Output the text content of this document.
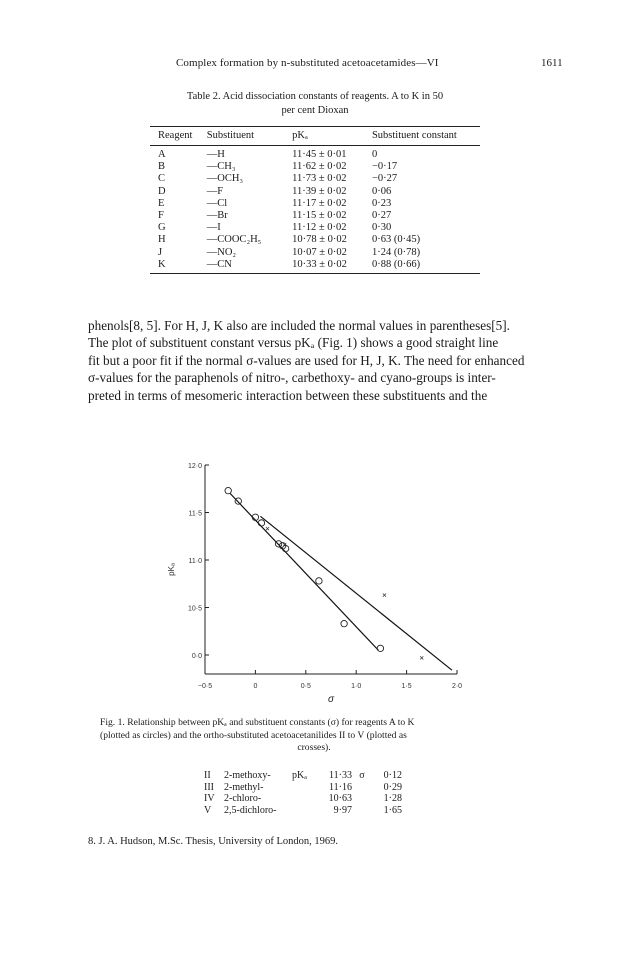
Complex formation by n-substituted acetoacetamides—VI	1611
Table 2. Acid dissociation constants of reagents. A to K in 50
per cent Dioxan
Reagent	Substituent	pKₐ	Substituent constant
A	—H	11·45 ± 0·01	0
B	—CH₃	11·62 ± 0·02	−0·17
C	—OCH₃	11·73 ± 0·02	−0·27
D	—F	11·39 ± 0·02	0·06
E	—Cl	11·17 ± 0·02	0·23
F	—Br	11·15 ± 0·02	0·27
G	—I	11·12 ± 0·02	0·30
H	—COOC₂H₅	10·78 ± 0·02	0·63 (0·45)
J	—NO₂	10·07 ± 0·02	1·24 (0·78)
K	—CN	10·33 ± 0·02	0·88 (0·66)
phenols[8, 5]. For H, J, K also are included the normal values in parentheses[5].
The plot of substituent constant versus pKₐ (Fig. 1) shows a good straight line
fit but a poor fit if the normal σ-values are used for H, J, K. The need for enhanced
σ-values for the paraphenols of nitro-, carbethoxy- and cyano-groups is inter-
preted in terms of mesomeric interaction between these substituents and the
0·0
10·5
11·0
11·5
12·0
−0·5	0	0·5	1·0	1·5	2·0
pKₐ
σ
Fig. 1. Relationship between pKₐ and substituent constants (σ) for reagents A to K
(plotted as circles) and the ortho-substituted acetoacetanilides II to V (plotted as
crosses).
II	2-methoxy-	pKₐ	11·33	σ	0·12
III	2-methyl-		11·16		0·29
IV	2-chloro-		10·63		1·28
V	2,5-dichloro-		9·97		1·65
8. J. A. Hudson, M.Sc. Thesis, University of London, 1969.
